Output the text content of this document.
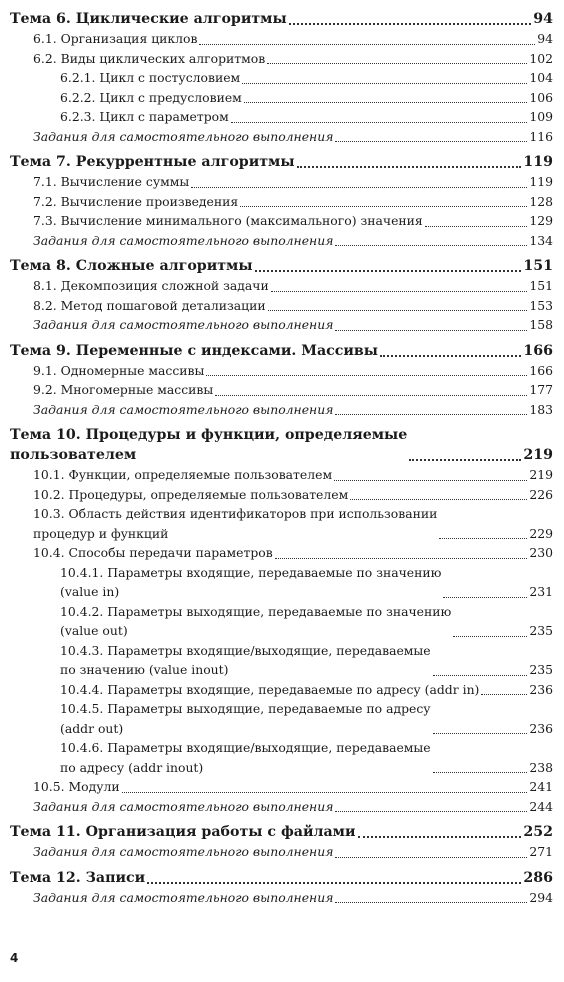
Тема 6. Циклические алгоритмы	94
6.1. Организация циклов	94
6.2. Виды циклических алгоритмов	102
6.2.1. Цикл с постусловием	104
6.2.2. Цикл с предусловием	106
6.2.3. Цикл с параметром	109
Задания для самостоятельного выполнения	116
Тема 7. Рекуррентные алгоритмы	119
7.1. Вычисление суммы	119
7.2. Вычисление произведения	128
7.3. Вычисление минимального (максимального) значения	129
Задания для самостоятельного выполнения	134
Тема 8. Сложные алгоритмы	151
8.1. Декомпозиция сложной задачи	151
8.2. Метод пошаговой детализации	153
Задания для самостоятельного выполнения	158
Тема 9. Переменные с индексами. Массивы	166
9.1. Одномерные массивы	166
9.2. Многомерные массивы	177
Задания для самостоятельного выполнения	183
Тема 10. Процедуры и функции, определяемые
пользователем	219
10.1. Функции, определяемые пользователем	219
10.2. Процедуры, определяемые пользователем	226
10.3. Область действия идентификаторов при использовании
процедур и функций	229
10.4. Способы передачи параметров	230
10.4.1. Параметры входящие, передаваемые по значению
(value in)	231
10.4.2. Параметры выходящие, передаваемые по значению
(value out)	235
10.4.3. Параметры входящие/выходящие, передаваемые
по значению (value inout)	235
10.4.4. Параметры входящие, передаваемые по адресу (addr in)	236
10.4.5. Параметры выходящие, передаваемые по адресу
(addr out)	236
10.4.6. Параметры входящие/выходящие, передаваемые
по адресу (addr inout)	238
10.5. Модули	241
Задания для самостоятельного выполнения	244
Тема 11. Организация работы с файлами	252
Задания для самостоятельного выполнения	271
Тема 12. Записи	286
Задания для самостоятельного выполнения	294
4
